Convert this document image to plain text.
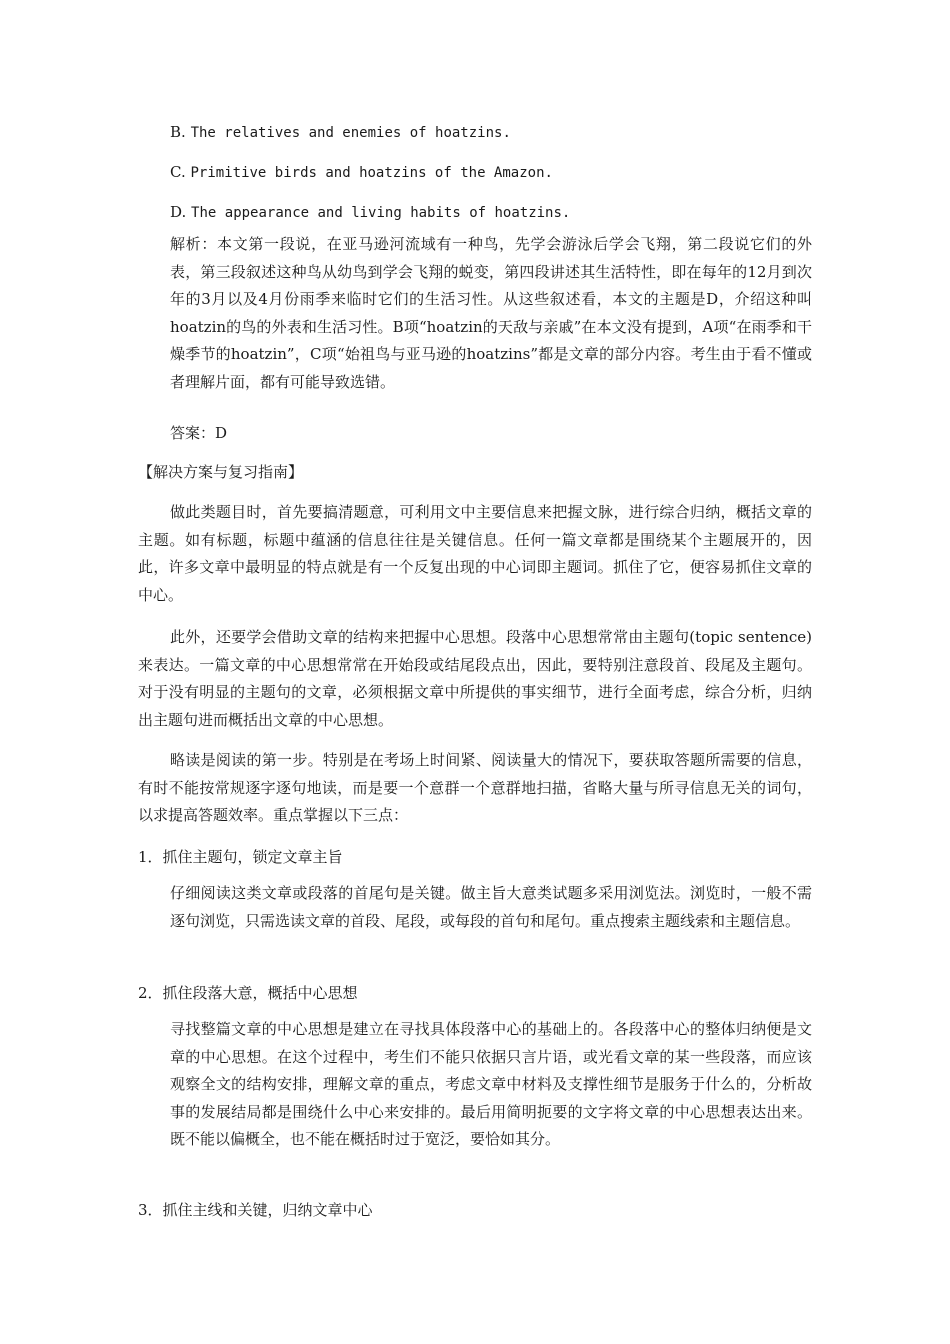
B. The relatives and enemies of hoatzins.
C. Primitive birds and hoatzins of the Amazon.
D. The appearance and living habits of hoatzins.

解析：本文第一段说，在亚马逊河流域有一种鸟，先学会游泳后学会飞翔，第二段说它们的外表，第三段叙述这种鸟从幼鸟到学会飞翔的蜕变，第四段讲述其生活特性，即在每年的12月到次年的3月以及4月份雨季来临时它们的生活习性。从这些叙述看，本文的主题是D，介绍这种叫hoatzin的鸟的外表和生活习性。B项“hoatzin的天敌与亲戚”在本文没有提到，A项“在雨季和干燥季节的hoatzin”，C项“始祖鸟与亚马逊的hoatzins”都是文章的部分内容。考生由于看不懂或者理解片面，都有可能导致选错。

答案：D
【解决方案与复习指南】

做此类题目时，首先要搞清题意，可利用文中主要信息来把握文脉，进行综合归纳，概括文章的主题。如有标题，标题中蕴涵的信息往往是关键信息。任何一篇文章都是围绕某个主题展开的，因此，许多文章中最明显的特点就是有一个反复出现的中心词即主题词。抓住了它，便容易抓住文章的中心。

此外，还要学会借助文章的结构来把握中心思想。段落中心思想常常由主题句(topic sentence)来表达。一篇文章的中心思想常常在开始段或结尾段点出，因此，要特别注意段首、段尾及主题句。对于没有明显的主题句的文章，必须根据文章中所提供的事实细节，进行全面考虑，综合分析，归纳出主题句进而概括出文章的中心思想。

略读是阅读的第一步。特别是在考场上时间紧、阅读量大的情况下，要获取答题所需要的信息，有时不能按常规逐字逐句地读，而是要一个意群一个意群地扫描，省略大量与所寻信息无关的词句，以求提高答题效率。重点掌握以下三点：

1．抓住主题句，锁定文章主旨

仔细阅读这类文章或段落的首尾句是关键。做主旨大意类试题多采用浏览法。浏览时，一般不需逐句浏览，只需选读文章的首段、尾段，或每段的首句和尾句。重点搜索主题线索和主题信息。

2．抓住段落大意，概括中心思想

寻找整篇文章的中心思想是建立在寻找具体段落中心的基础上的。各段落中心的整体归纳便是文章的中心思想。在这个过程中，考生们不能只依据只言片语，或光看文章的某一些段落，而应该观察全文的结构安排，理解文章的重点，考虑文章中材料及支撑性细节是服务于什么的，分析故事的发展结局都是围绕什么中心来安排的。最后用简明扼要的文字将文章的中心思想表达出来。既不能以偏概全，也不能在概括时过于宽泛，要恰如其分。

3．抓住主线和关键，归纳文章中心
